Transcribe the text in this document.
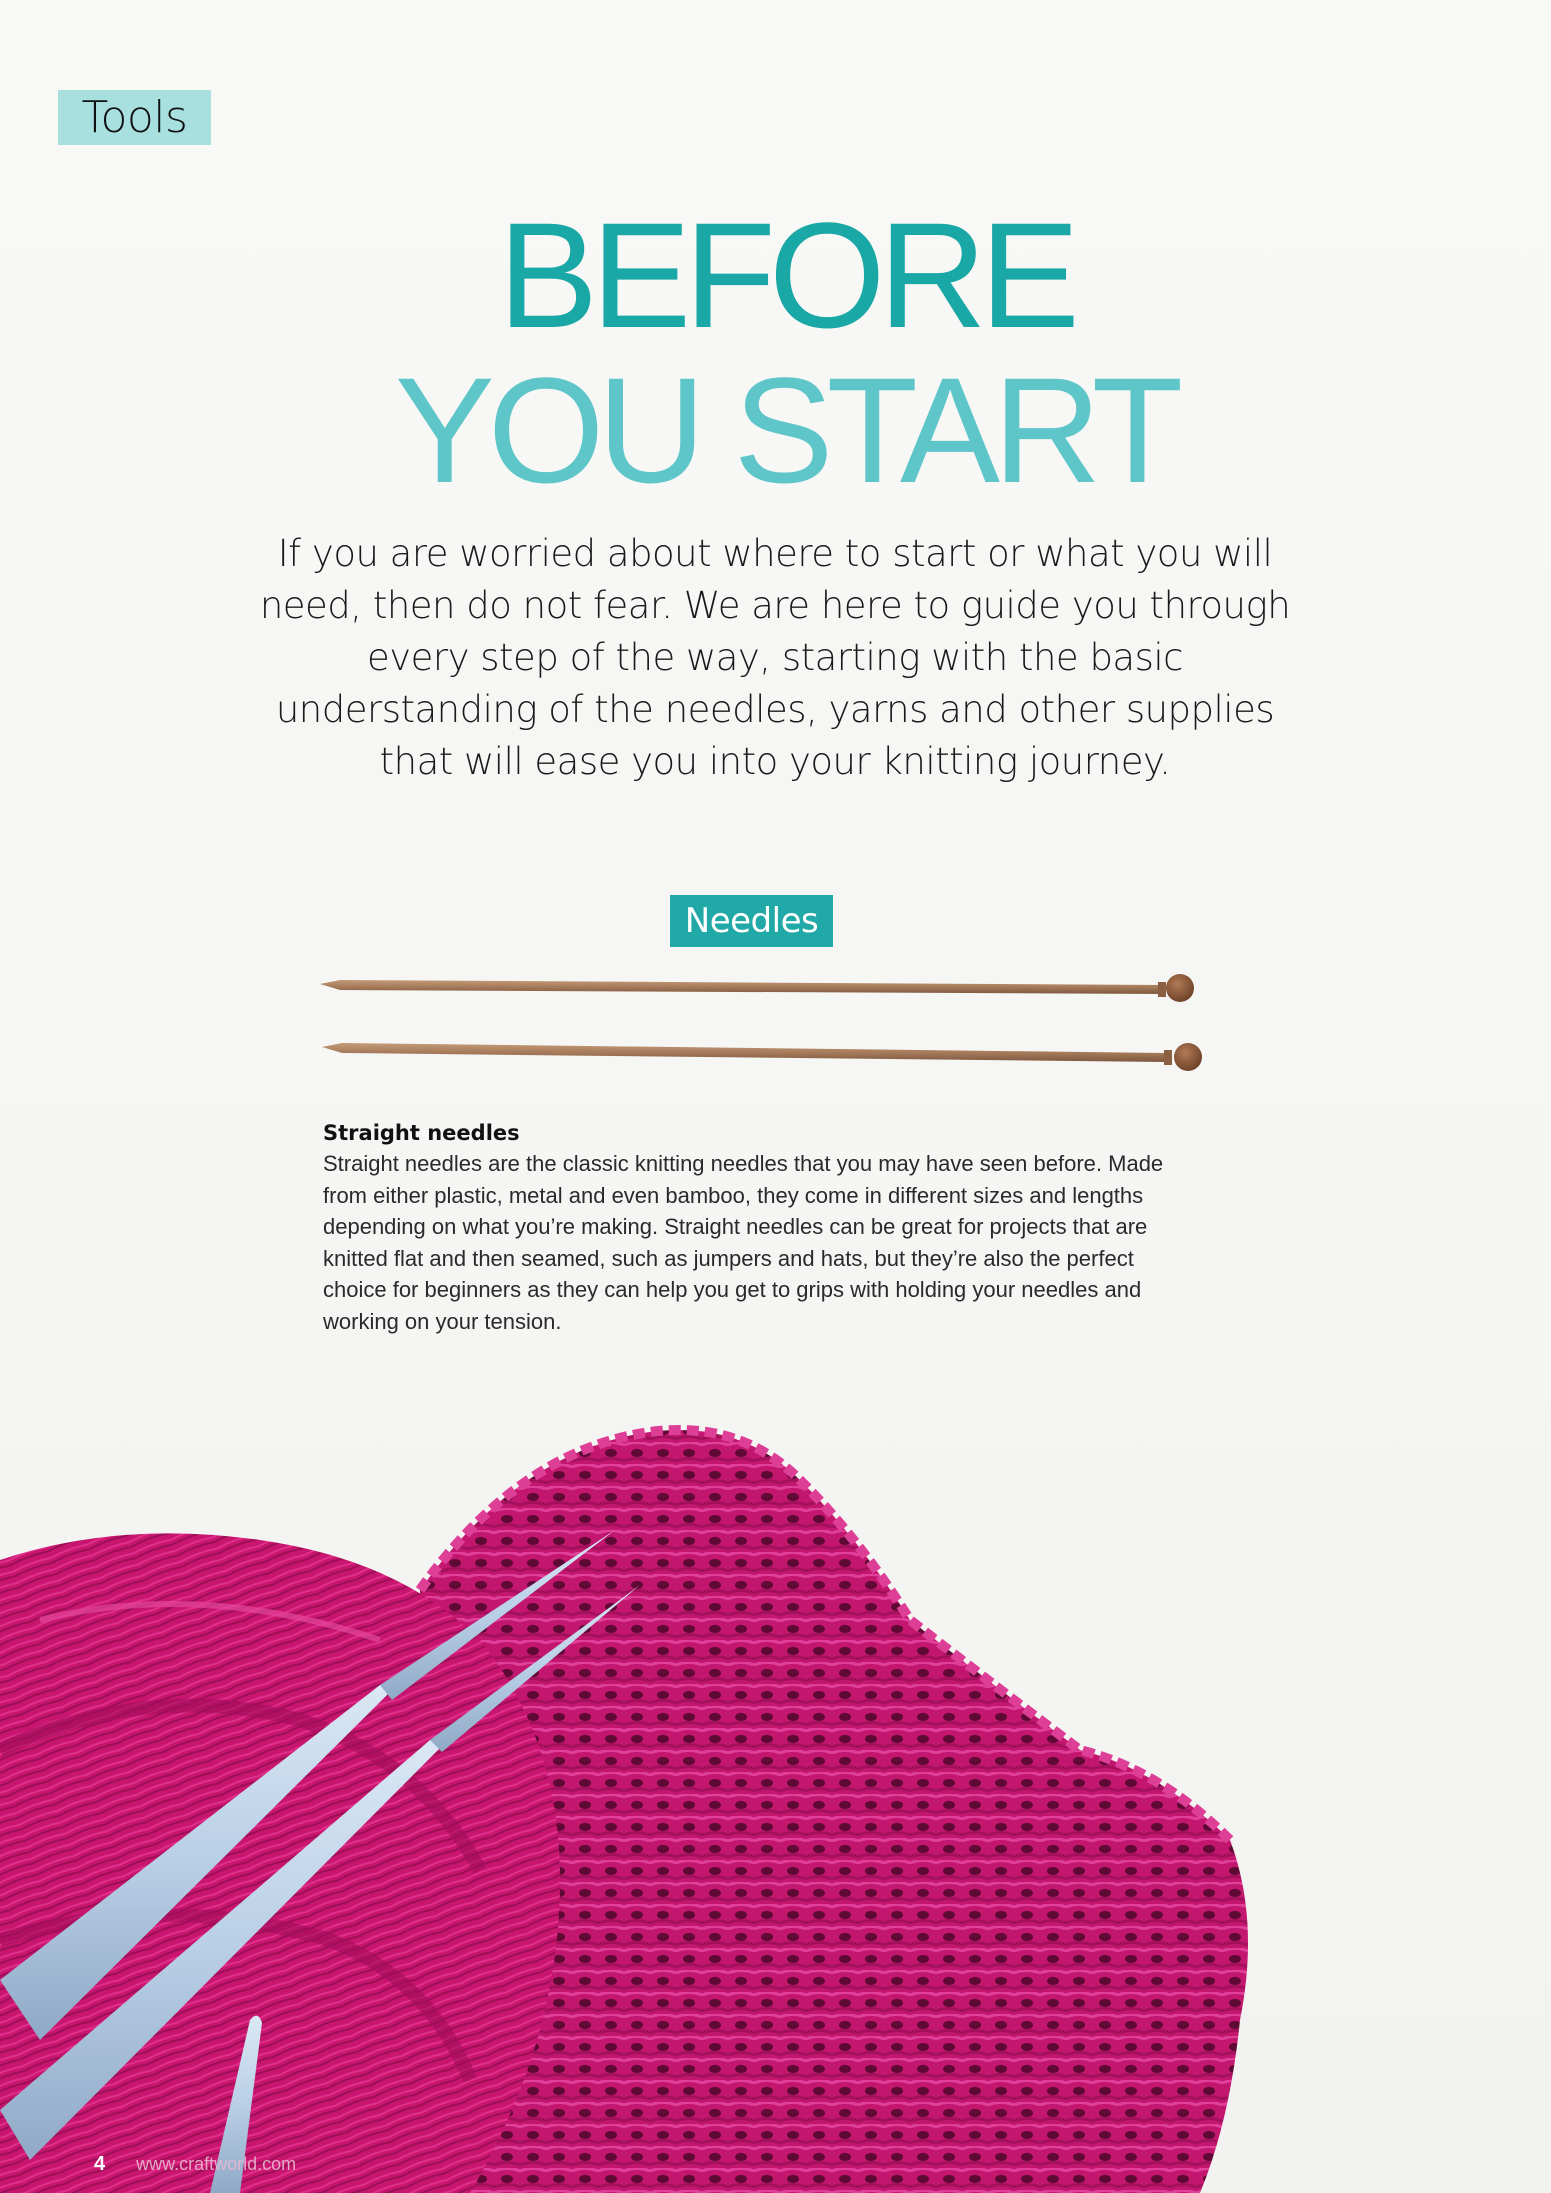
Tools
BEFORE
YOU START

If you are worried about where to start or what you will need, then do not fear. We are here to guide you through every step of the way, starting with the basic understanding of the needles, yarns and other supplies that will ease you into your knitting journey.

Needles
Straight needles

Straight needles are the classic knitting needles that you may have seen before. Made from either plastic, metal and even bamboo, they come in different sizes and lengths depending on what you’re making. Straight needles can be great for projects that are knitted flat and then seamed, such as jumpers and hats, but they’re also the perfect choice for beginners as they can help you get to grips with holding your needles and working on your tension.

4 www.craftworld.com
